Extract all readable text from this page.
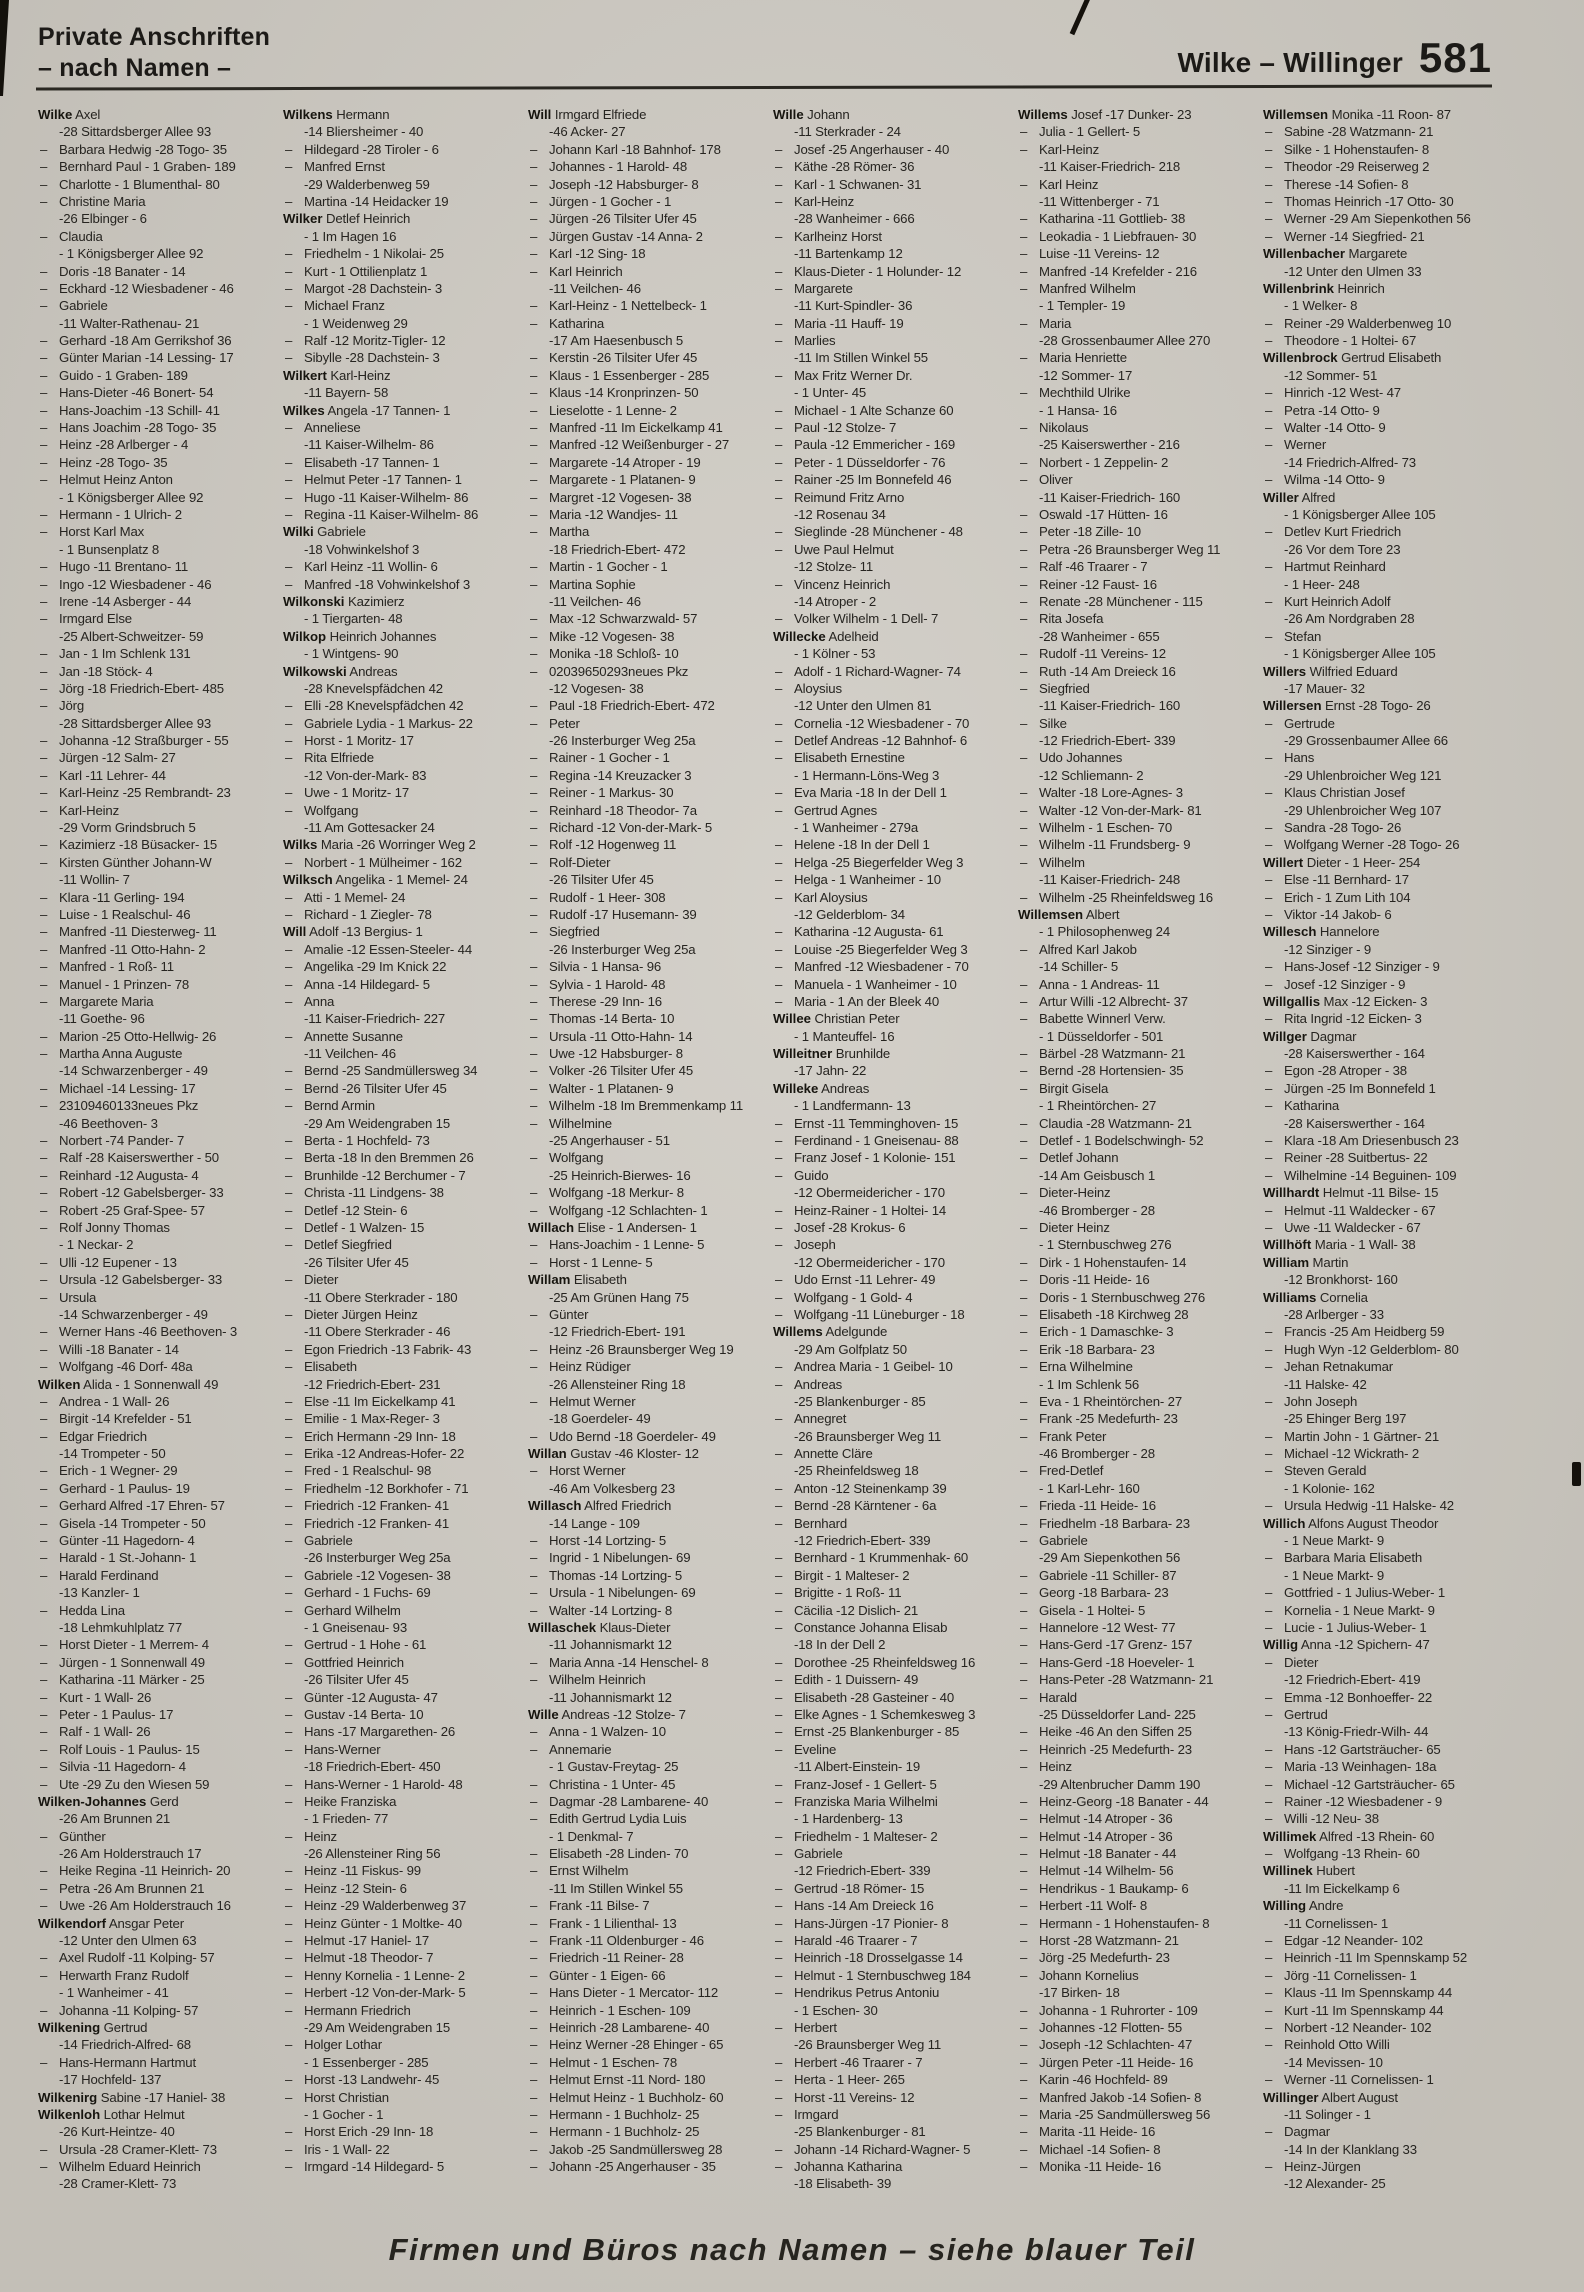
Private Anschriften
– nach Namen –	Wilke – Willinger 581
Wilke Axel
-28 Sittardsberger Allee 93
– Barbara Hedwig -28 Togo- 35
– Bernhard Paul - 1 Graben- 189
– Charlotte - 1 Blumenthal- 80
– Christine Maria
-26 Elbinger - 6
– Claudia
- 1 Königsberger Allee 92
– Doris -18 Banater - 14
– Eckhard -12 Wiesbadener - 46
– Gabriele
-11 Walter-Rathenau- 21
– Gerhard -18 Am Gerrikshof 36
– Günter Marian -14 Lessing- 17
– Guido - 1 Graben- 189
– Hans-Dieter -46 Bonert- 54
– Hans-Joachim -13 Schill- 41
– Hans Joachim -28 Togo- 35
– Heinz -28 Arlberger - 4
– Heinz -28 Togo- 35
– Helmut Heinz Anton
- 1 Königsberger Allee 92
– Hermann - 1 Ulrich- 2
– Horst Karl Max
- 1 Bunsenplatz 8
– Hugo -11 Brentano- 11
– Ingo -12 Wiesbadener - 46
– Irene -14 Asberger - 44
– Irmgard Else
-25 Albert-Schweitzer- 59
– Jan - 1 Im Schlenk 131
– Jan -18 Stöck- 4
– Jörg -18 Friedrich-Ebert- 485
– Jörg
-28 Sittardsberger Allee 93
– Johanna -12 Straßburger - 55
– Jürgen -12 Salm- 27
– Karl -11 Lehrer- 44
– Karl-Heinz -25 Rembrandt- 23
– Karl-Heinz
-29 Vorm Grindsbruch 5
– Kazimierz -18 Büsacker- 15
– Kirsten Günther Johann-W
-11 Wollin- 7
– Klara -11 Gerling- 194
– Luise - 1 Realschul- 46
– Manfred -11 Diesterweg- 11
– Manfred -11 Otto-Hahn- 2
– Manfred - 1 Roß- 11
– Manuel - 1 Prinzen- 78
– Margarete Maria
-11 Goethe- 96
– Marion -25 Otto-Hellwig- 26
– Martha Anna Auguste
-14 Schwarzenberger - 49
– Michael -14 Lessing- 17
– 23109460133neues Pkz
-46 Beethoven- 3
– Norbert -74 Pander- 7
– Ralf -28 Kaiserswerther - 50
– Reinhard -12 Augusta- 4
– Robert -12 Gabelsberger- 33
– Robert -25 Graf-Spee- 57
– Rolf Jonny Thomas
- 1 Neckar- 2
– Ulli -12 Eupener - 13
– Ursula -12 Gabelsberger- 33
– Ursula
-14 Schwarzenberger - 49
– Werner Hans -46 Beethoven- 3
– Willi -18 Banater - 14
– Wolfgang -46 Dorf- 48a
Wilken Alida - 1 Sonnenwall 49
– Andrea - 1 Wall- 26
– Birgit -14 Krefelder - 51
– Edgar Friedrich
-14 Trompeter - 50
– Erich - 1 Wegner- 29
– Gerhard - 1 Paulus- 19
– Gerhard Alfred -17 Ehren- 57
– Gisela -14 Trompeter - 50
– Günter -11 Hagedorn- 4
– Harald - 1 St.-Johann- 1
– Harald Ferdinand
-13 Kanzler- 1
– Hedda Lina
-18 Lehmkuhlplatz 77
– Horst Dieter - 1 Merrem- 4
– Jürgen - 1 Sonnenwall 49
– Katharina -11 Märker - 25
– Kurt - 1 Wall- 26
– Peter - 1 Paulus- 17
– Ralf - 1 Wall- 26
– Rolf Louis - 1 Paulus- 15
– Silvia -11 Hagedorn- 4
– Ute -29 Zu den Wiesen 59
Wilken-Johannes Gerd
-26 Am Brunnen 21
– Günther
-26 Am Holderstrauch 17
– Heike Regina -11 Heinrich- 20
– Petra -26 Am Brunnen 21
– Uwe -26 Am Holderstrauch 16
Wilkendorf Ansgar Peter
-12 Unter den Ulmen 63
– Axel Rudolf -11 Kolping- 57
– Herwarth Franz Rudolf
- 1 Wanheimer - 41
– Johanna -11 Kolping- 57
Wilkening Gertrud
-14 Friedrich-Alfred- 68
– Hans-Hermann Hartmut
-17 Hochfeld- 137
Wilkenirg Sabine -17 Haniel- 38
Wilkenloh Lothar Helmut
-26 Kurt-Heintze- 40
– Ursula -28 Cramer-Klett- 73
– Wilhelm Eduard Heinrich
-28 Cramer-Klett- 73
Wilkens Hermann
-14 Bliersheimer - 40
– Hildegard -28 Tiroler - 6
– Manfred Ernst
-29 Walderbenweg 59
– Martina -14 Heidacker 19
Wilker Detlef Heinrich
- 1 Im Hagen 16
– Friedhelm - 1 Nikolai- 25
– Kurt - 1 Ottilienplatz 1
– Margot -28 Dachstein- 3
– Michael Franz
- 1 Weidenweg 29
– Ralf -12 Moritz-Tigler- 12
– Sibylle -28 Dachstein- 3
Wilkert Karl-Heinz
-11 Bayern- 58
Wilkes Angela -17 Tannen- 1
– Anneliese
-11 Kaiser-Wilhelm- 86
– Elisabeth -17 Tannen- 1
– Helmut Peter -17 Tannen- 1
– Hugo -11 Kaiser-Wilhelm- 86
– Regina -11 Kaiser-Wilhelm- 86
Wilki Gabriele
-18 Vohwinkelshof 3
– Karl Heinz -11 Wollin- 6
– Manfred -18 Vohwinkelshof 3
Wilkonski Kazimierz
- 1 Tiergarten- 48
Wilkop Heinrich Johannes
- 1 Wintgens- 90
Wilkowski Andreas
-28 Knevelspfädchen 42
– Elli -28 Knevelspfädchen 42
– Gabriele Lydia - 1 Markus- 22
– Horst - 1 Moritz- 17
– Rita Elfriede
-12 Von-der-Mark- 83
– Uwe - 1 Moritz- 17
– Wolfgang
-11 Am Gottesacker 24
Wilks Maria -26 Worringer Weg 2
– Norbert - 1 Mülheimer - 162
Wilksch Angelika - 1 Memel- 24
– Atti - 1 Memel- 24
– Richard - 1 Ziegler- 78
Will Adolf -13 Bergius- 1
– Amalie -12 Essen-Steeler- 44
– Angelika -29 Im Knick 22
– Anna -14 Hildegard- 5
– Anna
-11 Kaiser-Friedrich- 227
– Annette Susanne
-11 Veilchen- 46
– Bernd -25 Sandmüllersweg 34
– Bernd -26 Tilsiter Ufer 45
– Bernd Armin
-29 Am Weidengraben 15
– Berta - 1 Hochfeld- 73
– Berta -18 In den Bremmen 26
– Brunhilde -12 Berchumer - 7
– Christa -11 Lindgens- 38
– Detlef -12 Stein- 6
– Detlef - 1 Walzen- 15
– Detlef Siegfried
-26 Tilsiter Ufer 45
– Dieter
-11 Obere Sterkrader - 180
– Dieter Jürgen Heinz
-11 Obere Sterkrader - 46
– Egon Friedrich -13 Fabrik- 43
– Elisabeth
-12 Friedrich-Ebert- 231
– Else -11 Im Eickelkamp 41
– Emilie - 1 Max-Reger- 3
– Erich Hermann -29 Inn- 18
– Erika -12 Andreas-Hofer- 22
– Fred - 1 Realschul- 98
– Friedhelm -12 Borkhofer - 71
– Friedrich -12 Franken- 41
– Friedrich -12 Franken- 41
– Gabriele
-26 Insterburger Weg 25a
– Gabriele -12 Vogesen- 38
– Gerhard - 1 Fuchs- 69
– Gerhard Wilhelm
- 1 Gneisenau- 93
– Gertrud - 1 Hohe - 61
– Gottfried Heinrich
-26 Tilsiter Ufer 45
– Günter -12 Augusta- 47
– Gustav -14 Berta- 10
– Hans -17 Margarethen- 26
– Hans-Werner
-18 Friedrich-Ebert- 450
– Hans-Werner - 1 Harold- 48
– Heike Franziska
- 1 Frieden- 77
– Heinz
-26 Allensteiner Ring 56
– Heinz -11 Fiskus- 99
– Heinz -12 Stein- 6
– Heinz -29 Walderbenweg 37
– Heinz Günter - 1 Moltke- 40
– Helmut -17 Haniel- 17
– Helmut -18 Theodor- 7
– Henny Kornelia - 1 Lenne- 2
– Herbert -12 Von-der-Mark- 5
– Hermann Friedrich
-29 Am Weidengraben 15
– Holger Lothar
- 1 Essenberger - 285
– Horst -13 Landwehr- 45
– Horst Christian
- 1 Gocher - 1
– Horst Erich -29 Inn- 18
– Iris - 1 Wall- 22
– Irmgard -14 Hildegard- 5
Will Irmgard Elfriede
-46 Acker- 27
– Johann Karl -18 Bahnhof- 178
– Johannes - 1 Harold- 48
– Joseph -12 Habsburger- 8
– Jürgen - 1 Gocher - 1
– Jürgen -26 Tilsiter Ufer 45
– Jürgen Gustav -14 Anna- 2
– Karl -12 Sing- 18
– Karl Heinrich
-11 Veilchen- 46
– Karl-Heinz - 1 Nettelbeck- 1
– Katharina
-17 Am Haesenbusch 5
– Kerstin -26 Tilsiter Ufer 45
– Klaus - 1 Essenberger - 285
– Klaus -14 Kronprinzen- 50
– Lieselotte - 1 Lenne- 2
– Manfred -11 Im Eickelkamp 41
– Manfred -12 Weißenburger - 27
– Margarete -14 Atroper - 19
– Margarete - 1 Platanen- 9
– Margret -12 Vogesen- 38
– Maria -12 Wandjes- 11
– Martha
-18 Friedrich-Ebert- 472
– Martin - 1 Gocher - 1
– Martina Sophie
-11 Veilchen- 46
– Max -12 Schwarzwald- 57
– Mike -12 Vogesen- 38
– Monika -18 Schloß- 10
– 02039650293neues Pkz
-12 Vogesen- 38
– Paul -18 Friedrich-Ebert- 472
– Peter
-26 Insterburger Weg 25a
– Rainer - 1 Gocher - 1
– Regina -14 Kreuzacker 3
– Reiner - 1 Markus- 30
– Reinhard -18 Theodor- 7a
– Richard -12 Von-der-Mark- 5
– Rolf -12 Hogenweg 11
– Rolf-Dieter
-26 Tilsiter Ufer 45
– Rudolf - 1 Heer- 308
– Rudolf -17 Husemann- 39
– Siegfried
-26 Insterburger Weg 25a
– Silvia - 1 Hansa- 96
– Sylvia - 1 Harold- 48
– Therese -29 Inn- 16
– Thomas -14 Berta- 10
– Ursula -11 Otto-Hahn- 14
– Uwe -12 Habsburger- 8
– Volker -26 Tilsiter Ufer 45
– Walter - 1 Platanen- 9
– Wilhelm -18 Im Bremmenkamp 11
– Wilhelmine
-25 Angerhauser - 51
– Wolfgang
-25 Heinrich-Bierwes- 16
– Wolfgang -18 Merkur- 8
– Wolfgang -12 Schlachten- 1
Willach Elise - 1 Andersen- 1
– Hans-Joachim - 1 Lenne- 5
– Horst - 1 Lenne- 5
Willam Elisabeth
-25 Am Grünen Hang 75
– Günter
-12 Friedrich-Ebert- 191
– Heinz -26 Braunsberger Weg 19
– Heinz Rüdiger
-26 Allensteiner Ring 18
– Helmut Werner
-18 Goerdeler- 49
– Udo Bernd -18 Goerdeler- 49
Willan Gustav -46 Kloster- 12
– Horst Werner
-46 Am Volkesberg 23
Willasch Alfred Friedrich
-14 Lange - 109
– Horst -14 Lortzing- 5
– Ingrid - 1 Nibelungen- 69
– Thomas -14 Lortzing- 5
– Ursula - 1 Nibelungen- 69
– Walter -14 Lortzing- 8
Willaschek Klaus-Dieter
-11 Johannismarkt 12
– Maria Anna -14 Henschel- 8
– Wilhelm Heinrich
-11 Johannismarkt 12
Wille Andreas -12 Stolze- 7
– Anna - 1 Walzen- 10
– Annemarie
- 1 Gustav-Freytag- 25
– Christina - 1 Unter- 45
– Dagmar -28 Lambarene- 40
– Edith Gertrud Lydia Luis
- 1 Denkmal- 7
– Elisabeth -28 Linden- 70
– Ernst Wilhelm
-11 Im Stillen Winkel 55
– Frank -11 Bilse- 7
– Frank - 1 Lilienthal- 13
– Frank -11 Oldenburger - 46
– Friedrich -11 Reiner- 28
– Günter - 1 Eigen- 66
– Hans Dieter - 1 Mercator- 112
– Heinrich - 1 Eschen- 109
– Heinrich -28 Lambarene- 40
– Heinz Werner -28 Ehinger - 65
– Helmut - 1 Eschen- 78
– Helmut Ernst -11 Nord- 180
– Helmut Heinz - 1 Buchholz- 60
– Hermann - 1 Buchholz- 25
– Hermann - 1 Buchholz- 25
– Jakob -25 Sandmüllersweg 28
– Johann -25 Angerhauser - 35
Wille Johann
-11 Sterkrader - 24
– Josef -25 Angerhauser - 40
– Käthe -28 Römer- 36
– Karl - 1 Schwanen- 31
– Karl-Heinz
-28 Wanheimer - 666
– Karlheinz Horst
-11 Bartenkamp 12
– Klaus-Dieter - 1 Holunder- 12
– Margarete
-11 Kurt-Spindler- 36
– Maria -11 Hauff- 19
– Marlies
-11 Im Stillen Winkel 55
– Max Fritz Werner Dr.
- 1 Unter- 45
– Michael - 1 Alte Schanze 60
– Paul -12 Stolze- 7
– Paula -12 Emmericher - 169
– Peter - 1 Düsseldorfer - 76
– Rainer -25 Im Bonnefeld 46
– Reimund Fritz Arno
-12 Rosenau 34
– Sieglinde -28 Münchener - 48
– Uwe Paul Helmut
-12 Stolze- 11
– Vincenz Heinrich
-14 Atroper - 2
– Volker Wilhelm - 1 Dell- 7
Willecke Adelheid
- 1 Kölner - 53
– Adolf - 1 Richard-Wagner- 74
– Aloysius
-12 Unter den Ulmen 81
– Cornelia -12 Wiesbadener - 70
– Detlef Andreas -12 Bahnhof- 6
– Elisabeth Ernestine
- 1 Hermann-Löns-Weg 3
– Eva Maria -18 In der Dell 1
– Gertrud Agnes
- 1 Wanheimer - 279a
– Helene -18 In der Dell 1
– Helga -25 Biegerfelder Weg 3
– Helga - 1 Wanheimer - 10
– Karl Aloysius
-12 Gelderblom- 34
– Katharina -12 Augusta- 61
– Louise -25 Biegerfelder Weg 3
– Manfred -12 Wiesbadener - 70
– Manuela - 1 Wanheimer - 10
– Maria - 1 An der Bleek 40
Willee Christian Peter
- 1 Manteuffel- 16
Willeitner Brunhilde
-17 Jahn- 22
Willeke Andreas
- 1 Landfermann- 13
– Ernst -11 Temminghoven- 15
– Ferdinand - 1 Gneisenau- 88
– Franz Josef - 1 Kolonie- 151
– Guido
-12 Obermeidericher - 170
– Heinz-Rainer - 1 Holtei- 14
– Josef -28 Krokus- 6
– Joseph
-12 Obermeidericher - 170
– Udo Ernst -11 Lehrer- 49
– Wolfgang - 1 Gold- 4
– Wolfgang -11 Lüneburger - 18
Willems Adelgunde
-29 Am Golfplatz 50
– Andrea Maria - 1 Geibel- 10
– Andreas
-25 Blankenburger - 85
– Annegret
-26 Braunsberger Weg 11
– Annette Cläre
-25 Rheinfeldsweg 18
– Anton -12 Steinenkamp 39
– Bernd -28 Kärntener - 6a
– Bernhard
-12 Friedrich-Ebert- 339
– Bernhard - 1 Krummenhak- 60
– Birgit - 1 Malteser- 2
– Brigitte - 1 Roß- 11
– Cäcilia -12 Dislich- 21
– Constance Johanna Elisab
-18 In der Dell 2
– Dorothee -25 Rheinfeldsweg 16
– Edith - 1 Duissern- 49
– Elisabeth -28 Gasteiner - 40
– Elke Agnes - 1 Schemkesweg 3
– Ernst -25 Blankenburger - 85
– Eveline
-11 Albert-Einstein- 19
– Franz-Josef - 1 Gellert- 5
– Franziska Maria Wilhelmi
- 1 Hardenberg- 13
– Friedhelm - 1 Malteser- 2
– Gabriele
-12 Friedrich-Ebert- 339
– Gertrud -18 Römer- 15
– Hans -14 Am Dreieck 16
– Hans-Jürgen -17 Pionier- 8
– Harald -46 Traarer - 7
– Heinrich -18 Drosselgasse 14
– Helmut - 1 Sternbuschweg 184
– Hendrikus Petrus Antoniu
- 1 Eschen- 30
– Herbert
-26 Braunsberger Weg 11
– Herbert -46 Traarer - 7
– Herta - 1 Heer- 265
– Horst -11 Vereins- 12
– Irmgard
-25 Blankenburger - 81
– Johann -14 Richard-Wagner- 5
– Johanna Katharina
-18 Elisabeth- 39
Willems Josef -17 Dunker- 23
– Julia - 1 Gellert- 5
– Karl-Heinz
-11 Kaiser-Friedrich- 218
– Karl Heinz
-11 Wittenberger - 71
– Katharina -11 Gottlieb- 38
– Leokadia - 1 Liebfrauen- 30
– Luise -11 Vereins- 12
– Manfred -14 Krefelder - 216
– Manfred Wilhelm
- 1 Templer- 19
– Maria
-28 Grossenbaumer Allee 270
– Maria Henriette
-12 Sommer- 17
– Mechthild Ulrike
- 1 Hansa- 16
– Nikolaus
-25 Kaiserswerther - 216
– Norbert - 1 Zeppelin- 2
– Oliver
-11 Kaiser-Friedrich- 160
– Oswald -17 Hütten- 16
– Peter -18 Zille- 10
– Petra -26 Braunsberger Weg 11
– Ralf -46 Traarer - 7
– Reiner -12 Faust- 16
– Renate -28 Münchener - 115
– Rita Josefa
-28 Wanheimer - 655
– Rudolf -11 Vereins- 12
– Ruth -14 Am Dreieck 16
– Siegfried
-11 Kaiser-Friedrich- 160
– Silke
-12 Friedrich-Ebert- 339
– Udo Johannes
-12 Schliemann- 2
– Walter -18 Lore-Agnes- 3
– Walter -12 Von-der-Mark- 81
– Wilhelm - 1 Eschen- 70
– Wilhelm -11 Frundsberg- 9
– Wilhelm
-11 Kaiser-Friedrich- 248
– Wilhelm -25 Rheinfeldsweg 16
Willemsen Albert
- 1 Philosophenweg 24
– Alfred Karl Jakob
-14 Schiller- 5
– Anna - 1 Andreas- 11
– Artur Willi -12 Albrecht- 37
– Babette Winnerl Verw.
- 1 Düsseldorfer - 501
– Bärbel -28 Watzmann- 21
– Bernd -28 Hortensien- 35
– Birgit Gisela
- 1 Rheintörchen- 27
– Claudia -28 Watzmann- 21
– Detlef - 1 Bodelschwingh- 52
– Detlef Johann
-14 Am Geisbusch 1
– Dieter-Heinz
-46 Bromberger - 28
– Dieter Heinz
- 1 Sternbuschweg 276
– Dirk - 1 Hohenstaufen- 14
– Doris -11 Heide- 16
– Doris - 1 Sternbuschweg 276
– Elisabeth -18 Kirchweg 28
– Erich - 1 Damaschke- 3
– Erik -18 Barbara- 23
– Erna Wilhelmine
- 1 Im Schlenk 56
– Eva - 1 Rheintörchen- 27
– Frank -25 Medefurth- 23
– Frank Peter
-46 Bromberger - 28
– Fred-Detlef
- 1 Karl-Lehr- 160
– Frieda -11 Heide- 16
– Friedhelm -18 Barbara- 23
– Gabriele
-29 Am Siepenkothen 56
– Gabriele -11 Schiller- 87
– Georg -18 Barbara- 23
– Gisela - 1 Holtei- 5
– Hannelore -12 West- 77
– Hans-Gerd -17 Grenz- 157
– Hans-Gerd -18 Hoeveler- 1
– Hans-Peter -28 Watzmann- 21
– Harald
-25 Düsseldorfer Land- 225
– Heike -46 An den Siffen 25
– Heinrich -25 Medefurth- 23
– Heinz
-29 Altenbrucher Damm 190
– Heinz-Georg -18 Banater - 44
– Helmut -14 Atroper - 36
– Helmut -14 Atroper - 36
– Helmut -18 Banater - 44
– Helmut -14 Wilhelm- 56
– Hendrikus - 1 Baukamp- 6
– Herbert -11 Wolf- 8
– Hermann - 1 Hohenstaufen- 8
– Horst -28 Watzmann- 21
– Jörg -25 Medefurth- 23
– Johann Kornelius
-17 Birken- 18
– Johanna - 1 Ruhrorter - 109
– Johannes -12 Flotten- 55
– Joseph -12 Schlachten- 47
– Jürgen Peter -11 Heide- 16
– Karin -46 Hochfeld- 89
– Manfred Jakob -14 Sofien- 8
– Maria -25 Sandmüllersweg 56
– Marita -11 Heide- 16
– Michael -14 Sofien- 8
– Monika -11 Heide- 16
Willemsen Monika -11 Roon- 87
– Sabine -28 Watzmann- 21
– Silke - 1 Hohenstaufen- 8
– Theodor -29 Reiserweg 2
– Therese -14 Sofien- 8
– Thomas Heinrich -17 Otto- 30
– Werner -29 Am Siepenkothen 56
– Werner -14 Siegfried- 21
Willenbacher Margarete
-12 Unter den Ulmen 33
Willenbrink Heinrich
- 1 Welker- 8
– Reiner -29 Walderbenweg 10
– Theodore - 1 Holtei- 67
Willenbrock Gertrud Elisabeth
-12 Sommer- 51
– Hinrich -12 West- 47
– Petra -14 Otto- 9
– Walter -14 Otto- 9
– Werner
-14 Friedrich-Alfred- 73
– Wilma -14 Otto- 9
Willer Alfred
- 1 Königsberger Allee 105
– Detlev Kurt Friedrich
-26 Vor dem Tore 23
– Hartmut Reinhard
- 1 Heer- 248
– Kurt Heinrich Adolf
-26 Am Nordgraben 28
– Stefan
- 1 Königsberger Allee 105
Willers Wilfried Eduard
-17 Mauer- 32
Willersen Ernst -28 Togo- 26
– Gertrude
-29 Grossenbaumer Allee 66
– Hans
-29 Uhlenbroicher Weg 121
– Klaus Christian Josef
-29 Uhlenbroicher Weg 107
– Sandra -28 Togo- 26
– Wolfgang Werner -28 Togo- 26
Willert Dieter - 1 Heer- 254
– Else -11 Bernhard- 17
– Erich - 1 Zum Lith 104
– Viktor -14 Jakob- 6
Willesch Hannelore
-12 Sinziger - 9
– Hans-Josef -12 Sinziger - 9
– Josef -12 Sinziger - 9
Willgallis Max -12 Eicken- 3
– Rita Ingrid -12 Eicken- 3
Willger Dagmar
-28 Kaiserswerther - 164
– Egon -28 Atroper - 38
– Jürgen -25 Im Bonnefeld 1
– Katharina
-28 Kaiserswerther - 164
– Klara -18 Am Driesenbusch 23
– Reiner -28 Suitbertus- 22
– Wilhelmine -14 Beguinen- 109
Willhardt Helmut -11 Bilse- 15
– Helmut -11 Waldecker - 67
– Uwe -11 Waldecker - 67
Willhöft Maria - 1 Wall- 38
William Martin
-12 Bronkhorst- 160
Williams Cornelia
-28 Arlberger - 33
– Francis -25 Am Heidberg 59
– Hugh Wyn -12 Gelderblom- 80
– Jehan Retnakumar
-11 Halske- 42
– John Joseph
-25 Ehinger Berg 197
– Martin John - 1 Gärtner- 21
– Michael -12 Wickrath- 2
– Steven Gerald
- 1 Kolonie- 162
– Ursula Hedwig -11 Halske- 42
Willich Alfons August Theodor
- 1 Neue Markt- 9
– Barbara Maria Elisabeth
- 1 Neue Markt- 9
– Gottfried - 1 Julius-Weber- 1
– Kornelia - 1 Neue Markt- 9
– Lucie - 1 Julius-Weber- 1
Willig Anna -12 Spichern- 47
– Dieter
-12 Friedrich-Ebert- 419
– Emma -12 Bonhoeffer- 22
– Gertrud
-13 König-Friedr-Wilh- 44
– Hans -12 Gartsträucher- 65
– Maria -13 Weinhagen- 18a
– Michael -12 Gartsträucher- 65
– Rainer -12 Wiesbadener - 9
– Willi -12 Neu- 38
Willimek Alfred -13 Rhein- 60
– Wolfgang -13 Rhein- 60
Willinek Hubert
-11 Im Eickelkamp 6
Willing Andre
-11 Cornelissen- 1
– Edgar -12 Neander- 102
– Heinrich -11 Im Spennskamp 52
– Jörg -11 Cornelissen- 1
– Klaus -11 Im Spennskamp 44
– Kurt -11 Im Spennskamp 44
– Norbert -12 Neander- 102
– Reinhold Otto Willi
-14 Mevissen- 10
– Werner -11 Cornelissen- 1
Willinger Albert August
-11 Solinger - 1
– Dagmar
-14 In der Klanklang 33
– Heinz-Jürgen
-12 Alexander- 25
Firmen und Büros nach Namen – siehe blauer Teil
